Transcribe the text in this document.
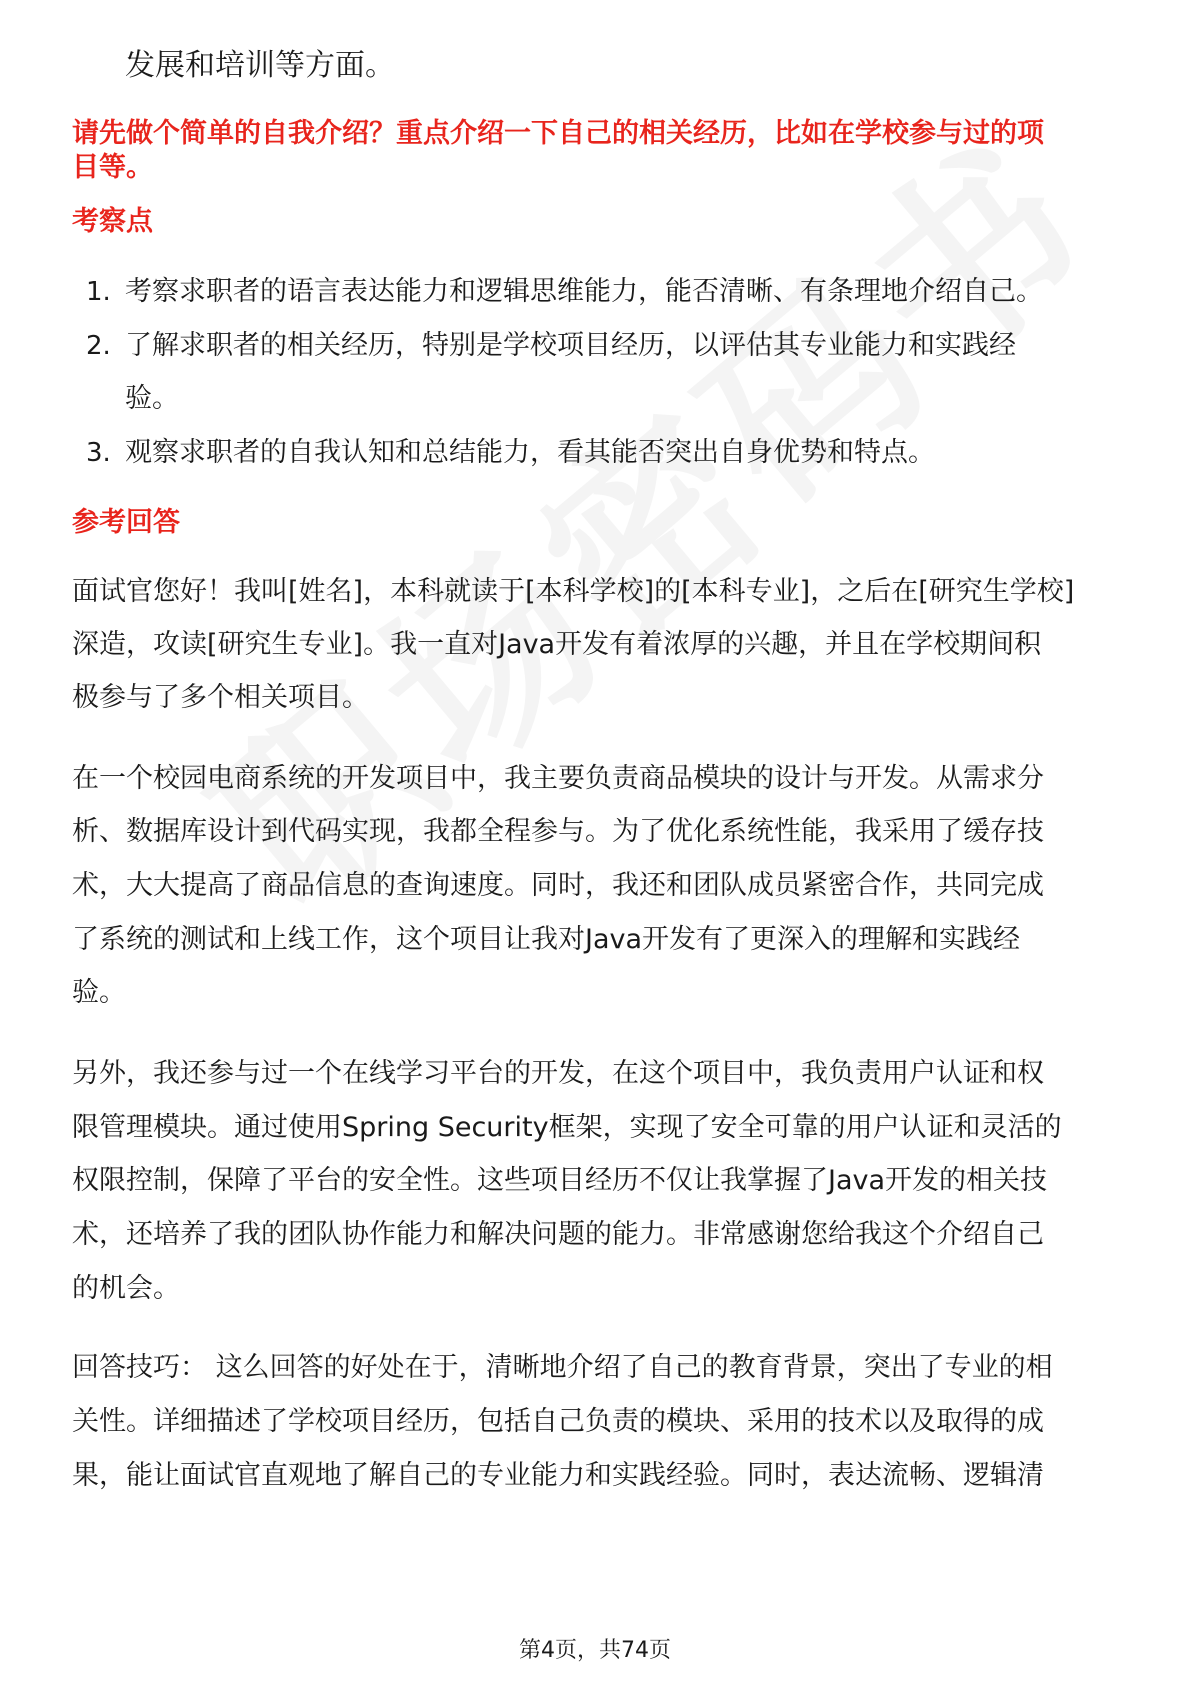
发展和培训等方面。
请先做个简单的自我介绍？重点介绍一下自己的相关经历，比如在学校参与过的项
目等。
考察点
1. 考察求职者的语言表达能力和逻辑思维能力，能否清晰、有条理地介绍自己。
2. 了解求职者的相关经历，特别是学校项目经历，以评估其专业能力和实践经
验。
3. 观察求职者的自我认知和总结能力，看其能否突出自身优势和特点。
参考回答
面试官您好！我叫[姓名]，本科就读于[本科学校]的[本科专业]，之后在[研究生学校]
深造，攻读[研究生专业]。我一直对Java开发有着浓厚的兴趣，并且在学校期间积
极参与了多个相关项目。
在一个校园电商系统的开发项目中，我主要负责商品模块的设计与开发。从需求分
析、数据库设计到代码实现，我都全程参与。为了优化系统性能，我采用了缓存技
术，大大提高了商品信息的查询速度。同时，我还和团队成员紧密合作，共同完成
了系统的测试和上线工作，这个项目让我对Java开发有了更深入的理解和实践经
验。
另外，我还参与过一个在线学习平台的开发，在这个项目中，我负责用户认证和权
限管理模块。通过使用Spring Security框架，实现了安全可靠的用户认证和灵活的
权限控制，保障了平台的安全性。这些项目经历不仅让我掌握了Java开发的相关技
术，还培养了我的团队协作能力和解决问题的能力。非常感谢您给我这个介绍自己
的机会。
回答技巧： 这么回答的好处在于，清晰地介绍了自己的教育背景，突出了专业的相
关性。详细描述了学校项目经历，包括自己负责的模块、采用的技术以及取得的成
果，能让面试官直观地了解自己的专业能力和实践经验。同时，表达流畅、逻辑清
第4页，共74页
